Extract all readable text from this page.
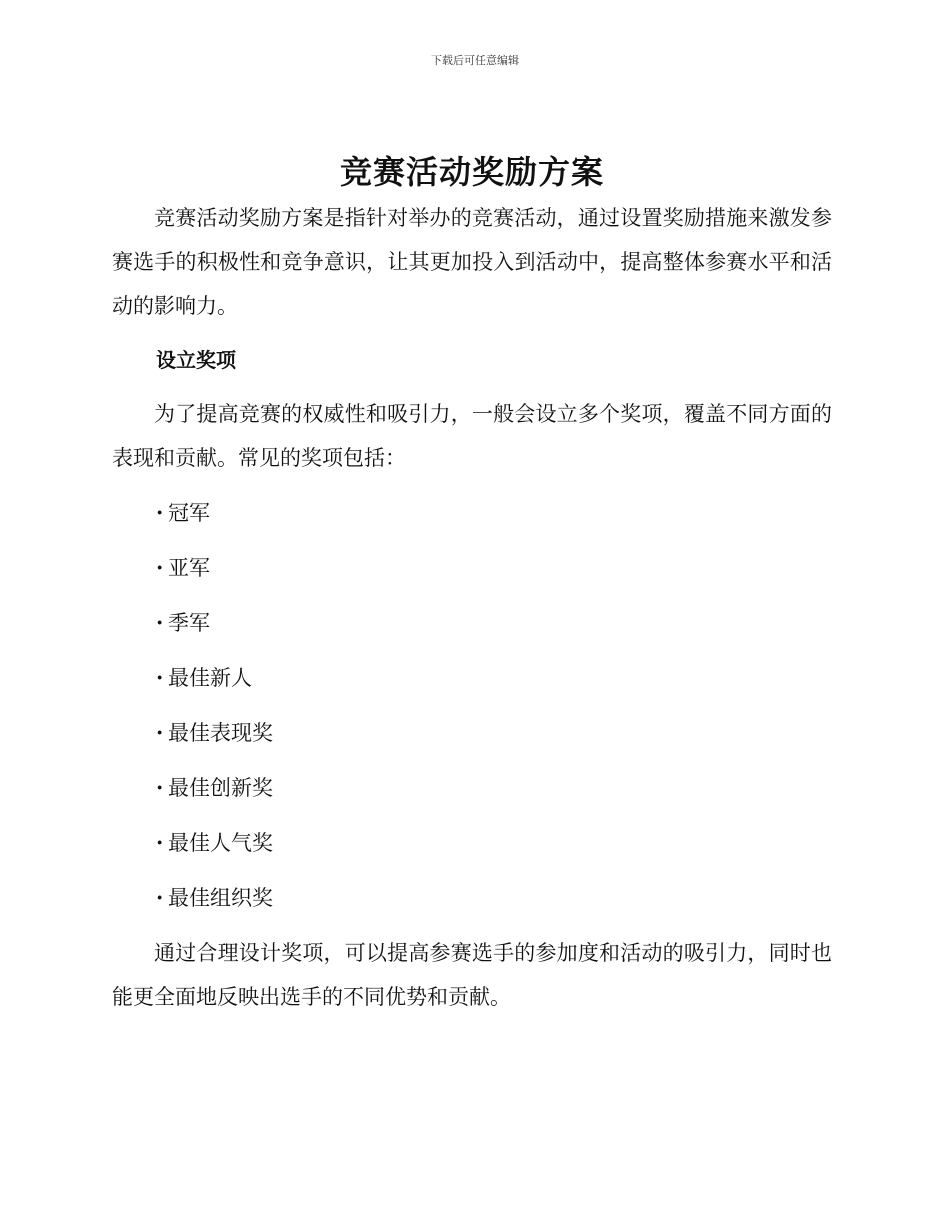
下载后可任意编辑
竞赛活动奖励方案

竞赛活动奖励方案是指针对举办的竞赛活动，通过设置奖励措施来激发参赛选手的积极性和竞争意识，让其更加投入到活动中，提高整体参赛水平和活动的影响力。

设立奖项

为了提高竞赛的权威性和吸引力，一般会设立多个奖项，覆盖不同方面的表现和贡献。常见的奖项包括：

· 冠军
· 亚军
· 季军
· 最佳新人
· 最佳表现奖
· 最佳创新奖
· 最佳人气奖
· 最佳组织奖

通过合理设计奖项，可以提高参赛选手的参加度和活动的吸引力，同时也能更全面地反映出选手的不同优势和贡献。
